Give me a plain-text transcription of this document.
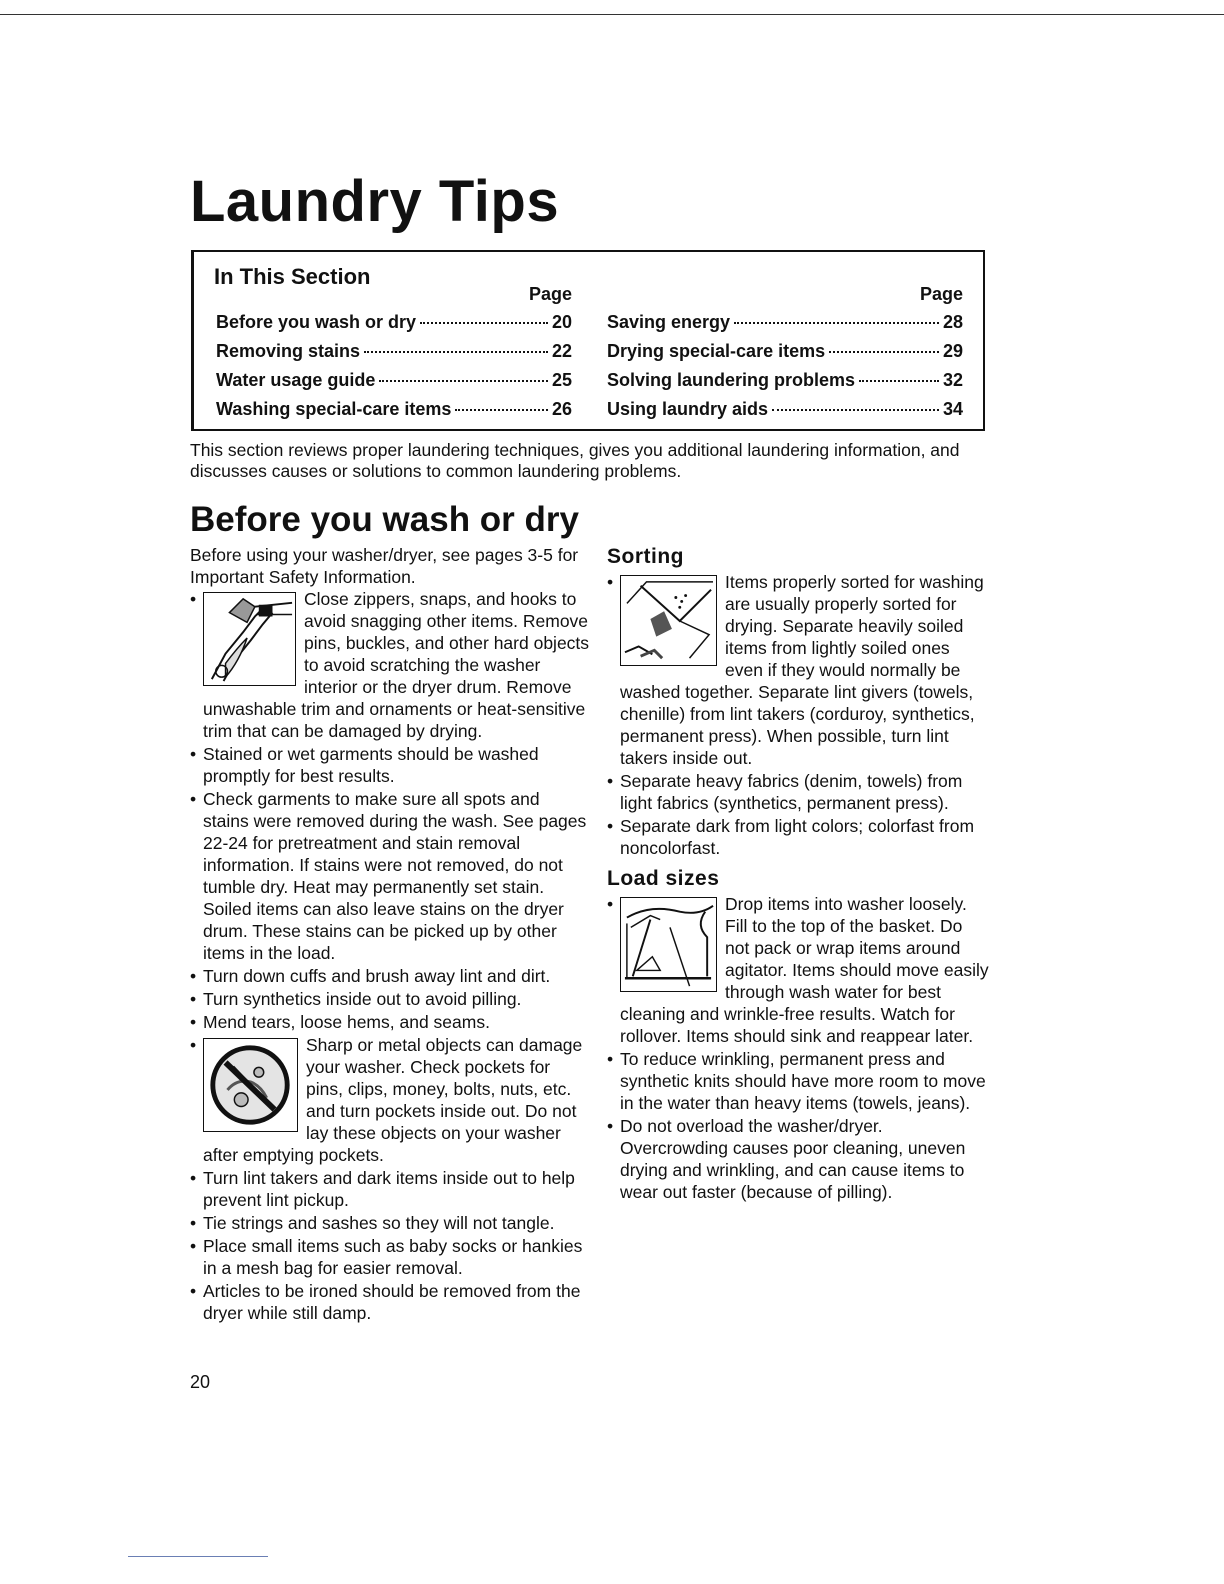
Laundry Tips
In This Section
Page
Before you wash or dry	20
Removing stains	22
Water usage guide	25
Washing special-care items	26
Page
Saving energy	28
Drying special-care items	29
Solving laundering problems	32
Using laundry aids	34

This section reviews proper laundering techniques, gives you additional laundering information, and discusses causes or solutions to common laundering problems.

Before you wash or dry

Before using your washer/dryer, see pages 3-5 for Important Safety Information.

• Close zippers, snaps, and hooks to avoid snagging other items. Remove pins, buckles, and other hard objects to avoid scratching the washer interior or the dryer drum. Remove unwashable trim and ornaments or heat-sensitive trim that can be damaged by drying.
• Stained or wet garments should be washed promptly for best results.
• Check garments to make sure all spots and stains were removed during the wash. See pages 22-24 for pretreatment and stain removal information. If stains were not removed, do not tumble dry. Heat may permanently set stain. Soiled items can also leave stains on the dryer drum. These stains can be picked up by other items in the load.
• Turn down cuffs and brush away lint and dirt.
• Turn synthetics inside out to avoid pilling.
• Mend tears, loose hems, and seams.
• Sharp or metal objects can damage your washer. Check pockets for pins, clips, money, bolts, nuts, etc. and turn pockets inside out. Do not lay these objects on your washer after emptying pockets.
• Turn lint takers and dark items inside out to help prevent lint pickup.
• Tie strings and sashes so they will not tangle.
• Place small items such as baby socks or hankies in a mesh bag for easier removal.
• Articles to be ironed should be removed from the dryer while still damp.
Sorting
• Items properly sorted for washing are usually properly sorted for drying. Separate heavily soiled items from lightly soiled ones even if they would normally be washed together. Separate lint givers (towels, chenille) from lint takers (corduroy, synthetics, permanent press). When possible, turn lint takers inside out.
• Separate heavy fabrics (denim, towels) from light fabrics (synthetics, permanent press).
• Separate dark from light colors; colorfast from noncolorfast.
Load sizes
• Drop items into washer loosely. Fill to the top of the basket. Do not pack or wrap items around agitator. Items should move easily through wash water for best cleaning and wrinkle-free results. Watch for rollover. Items should sink and reappear later.
• To reduce wrinkling, permanent press and synthetic knits should have more room to move in the water than heavy items (towels, jeans).
• Do not overload the washer/dryer. Overcrowding causes poor cleaning, uneven drying and wrinkling, and can cause items to wear out faster (because of pilling).

20
